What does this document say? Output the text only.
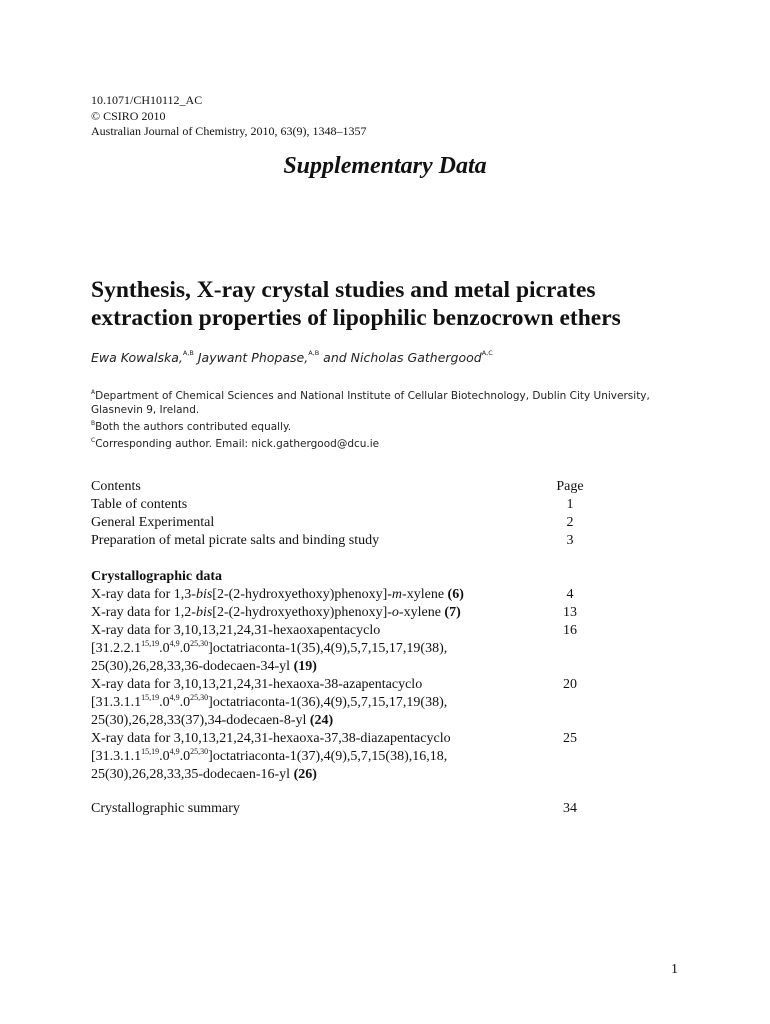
10.1071/CH10112_AC
© CSIRO 2010
Australian Journal of Chemistry, 2010, 63(9), 1348–1357
Supplementary Data
Synthesis, X-ray crystal studies and metal picrates
extraction properties of lipophilic benzocrown ethers
Ewa Kowalska,$^{A,B}$ Jaywant Phopase,$^{A,B}$ and Nicholas Gathergood$^{A,C}$
$^A$Department of Chemical Sciences and National Institute of Cellular Biotechnology, Dublin City University, Glasnevin 9, Ireland.
$^B$Both the authors contributed equally.
$^C$Corresponding author. Email: nick.gathergood@dcu.ie
Contents	Page
Table of contents	1
General Experimental	2
Preparation of metal picrate salts and binding study	3
Crystallographic data
X-ray data for 1,3-bis[2-(2-hydroxyethoxy)phenoxy]-m-xylene (6)	4
X-ray data for 1,2-bis[2-(2-hydroxyethoxy)phenoxy]-o-xylene (7)	13
X-ray data for 3,10,13,21,24,31-hexaoxapentacyclo	16
[31.2.2.1$^{15,19}$.0$^{4,9}$.0$^{25,30}$]octatriaconta-1(35),4(9),5,7,15,17,19(38),
25(30),26,28,33,36-dodecaen-34-yl (19)
X-ray data for 3,10,13,21,24,31-hexaoxa-38-azapentacyclo	20
[31.3.1.1$^{15,19}$.0$^{4,9}$.0$^{25,30}$]octatriaconta-1(36),4(9),5,7,15,17,19(38),
25(30),26,28,33(37),34-dodecaen-8-yl (24)
X-ray data for 3,10,13,21,24,31-hexaoxa-37,38-diazapentacyclo	25
[31.3.1.1$^{15,19}$.0$^{4,9}$.0$^{25,30}$]octatriaconta-1(37),4(9),5,7,15(38),16,18,
25(30),26,28,33,35-dodecaen-16-yl (26)
Crystallographic summary	34
1
